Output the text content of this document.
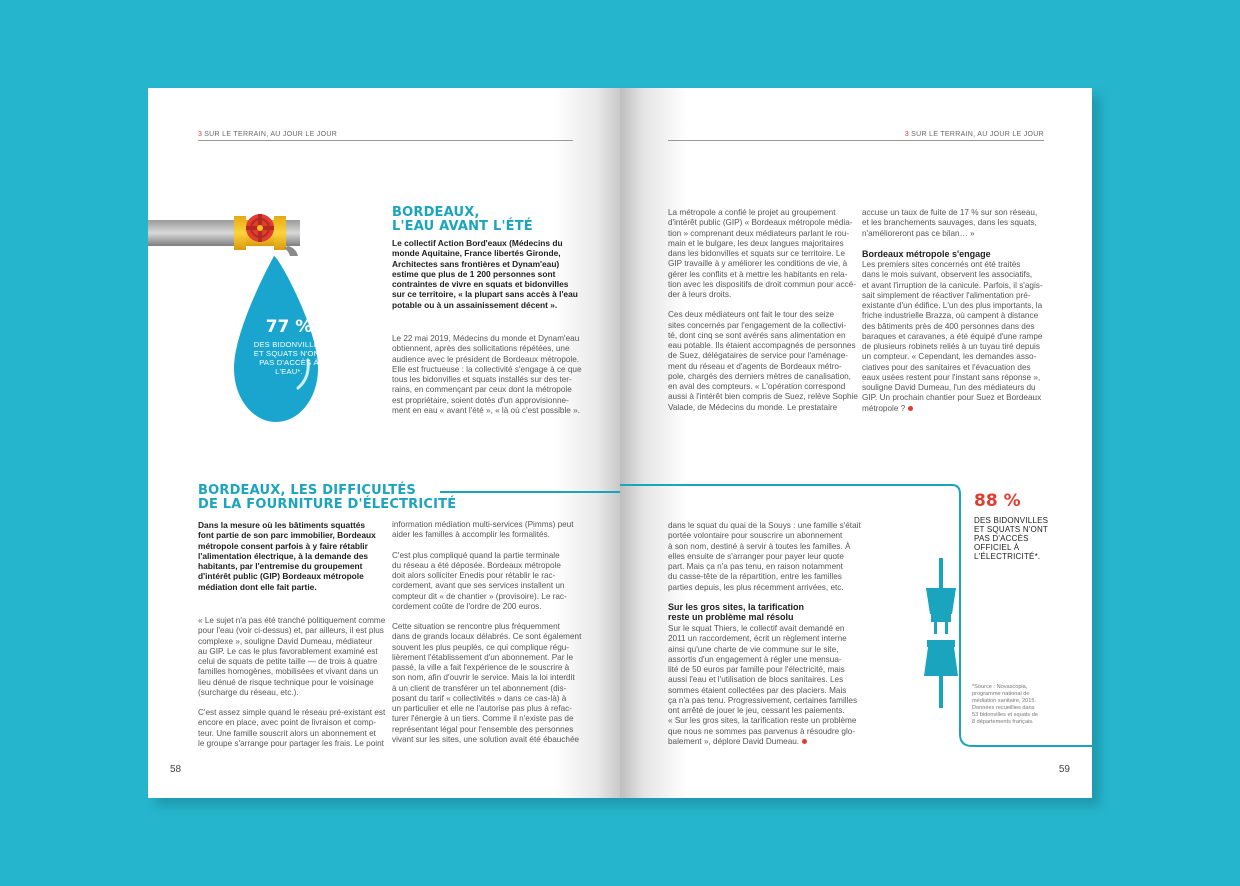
3 SUR LE TERRAIN, AU JOUR LE JOUR
77 %
DES BIDONVILLES
ET SQUATS N'ONT
PAS D'ACCÈS À
L'EAU*.
BORDEAUX,
L'EAU AVANT L'ÉTÉ
Le collectif Action Bord'eaux (Médecins du
monde Aquitaine, France libertés Gironde,
Architectes sans frontières et Dynam'eau)
estime que plus de 1 200 personnes sont
contraintes de vivre en squats et bidonvilles
sur ce territoire, « la plupart sans accès à l'eau
potable ou à un assainissement décent ».
Le 22 mai 2019, Médecins du monde et Dynam'eau
obtiennent, après des sollicitations répétées, une
audience avec le président de Bordeaux métropole.
Elle est fructueuse : la collectivité s'engage à ce que
tous les bidonvilles et squats installés sur des ter-
rains, en commençant par ceux dont la métropole
est propriétaire, soient dotés d'un approvisionne-
ment en eau « avant l'été », « là où c'est possible ».
BORDEAUX, LES DIFFICULTÉS
DE LA FOURNITURE D'ÉLECTRICITÉ
Dans la mesure où les bâtiments squattés
font partie de son parc immobilier, Bordeaux
métropole consent parfois à y faire rétablir
l'alimentation électrique, à la demande des
habitants, par l'entremise du groupement
d'intérêt public (GIP) Bordeaux métropole
médiation dont elle fait partie.
« Le sujet n'a pas été tranché politiquement comme
pour l'eau (voir ci-dessus) et, par ailleurs, il est plus
complexe », souligne David Dumeau, médiateur
au GIP. Le cas le plus favorablement examiné est
celui de squats de petite taille — de trois à quatre
familles homogènes, mobilisées et vivant dans un
lieu dénué de risque technique pour le voisinage
(surcharge du réseau, etc.).
C'est assez simple quand le réseau pré-existant est
encore en place, avec point de livraison et comp-
teur. Une famille souscrit alors un abonnement et
le groupe s'arrange pour partager les frais. Le point
information médiation multi-services (Pimms) peut
aider les familles à accomplir les formalités.
C'est plus compliqué quand la partie terminale
du réseau a été déposée. Bordeaux métropole
doit alors solliciter Enedis pour rétablir le rac-
cordement, avant que ses services installent un
compteur dit « de chantier » (provisoire). Le rac-
cordement coûte de l'ordre de 200 euros.
Cette situation se rencontre plus fréquemment
dans de grands locaux délabrés. Ce sont également
souvent les plus peuplés, ce qui complique régu-
lièrement l'établissement d'un abonnement. Par le
passé, la ville a fait l'expérience de le souscrire à
son nom, afin d'ouvrir le service. Mais la loi interdit
à un client de transférer un tel abonnement (dis-
posant du tarif « collectivités » dans ce cas-là) à
un particulier et elle ne l'autorise pas plus à refac-
turer l'énergie à un tiers. Comme il n'existe pas de
représentant légal pour l'ensemble des personnes
vivant sur les sites, une solution avait été ébauchée
58
3 SUR LE TERRAIN, AU JOUR LE JOUR
La métropole a confié le projet au groupement
d'intérêt public (GIP) « Bordeaux métropole média-
tion » comprenant deux médiateurs parlant le rou-
main et le bulgare, les deux langues majoritaires
dans les bidonvilles et squats sur ce territoire. Le
GIP travaille à y améliorer les conditions de vie, à
gérer les conflits et à mettre les habitants en rela-
tion avec les dispositifs de droit commun pour accé-
der à leurs droits.
Ces deux médiateurs ont fait le tour des seize
sites concernés par l'engagement de la collectivi-
té, dont cinq se sont avérés sans alimentation en
eau potable. Ils étaient accompagnés de personnes
de Suez, délégataires de service pour l'aménage-
ment du réseau et d'agents de Bordeaux métro-
pole, chargés des derniers mètres de canalisation,
en aval des compteurs. « L'opération correspond
aussi à l'intérêt bien compris de Suez, relève Sophie
Valade, de Médecins du monde. Le prestataire
accuse un taux de fuite de 17 % sur son réseau,
et les branchements sauvages, dans les squats,
n'amélioreront pas ce bilan… »
Bordeaux métropole s'engage
Les premiers sites concernés ont été traités
dans le mois suivant, observent les associatifs,
et avant l'irruption de la canicule. Parfois, il s'agis-
sait simplement de réactiver l'alimentation pré-
existante d'un édifice. L'un des plus importants, la
friche industrielle Brazza, où campent à distance
des bâtiments près de 400 personnes dans des
baraques et caravanes, a été équipé d'une rampe
de plusieurs robinets reliés à un tuyau tiré depuis
un compteur. « Cependant, les demandes asso-
ciatives pour des sanitaires et l'évacuation des
eaux usées restent pour l'instant sans réponse »,
souligne David Dumeau, l'un des médiateurs du
GIP. Un prochain chantier pour Suez et Bordeaux
métropole ?
dans le squat du quai de la Souys : une famille s'était
portée volontaire pour souscrire un abonnement
à son nom, destiné à servir à toutes les familles. À
elles ensuite de s'arranger pour payer leur quote
part. Mais ça n'a pas tenu, en raison notamment
du casse-tête de la répartition, entre les familles
parties depuis, les plus récemment arrivées, etc.
Sur les gros sites, la tarification
reste un problème mal résolu
Sur le squat Thiers, le collectif avait demandé en
2011 un raccordement, écrit un règlement interne
ainsi qu'une charte de vie commune sur le site,
assortis d'un engagement à régler une mensua-
lité de 50 euros par famille pour l'électricité, mais
aussi l'eau et l'utilisation de blocs sanitaires. Les
sommes étaient collectées par des placiers. Mais
ça n'a pas tenu. Progressivement, certaines familles
ont arrêté de jouer le jeu, cessant les paiements.
« Sur les gros sites, la tarification reste un problème
que nous ne sommes pas parvenus à résoudre glo-
balement », déplore David Dumeau.
88 %
DES BIDONVILLES
ET SQUATS N'ONT
PAS D'ACCÈS
OFFICIEL À
L'ÉLECTRICITÉ*.
*Source : Novascopia,
programme national de
médiation sanitaire, 2015.
Données recueillies dans
53 bidonvilles et squats de
8 départements français.
59
